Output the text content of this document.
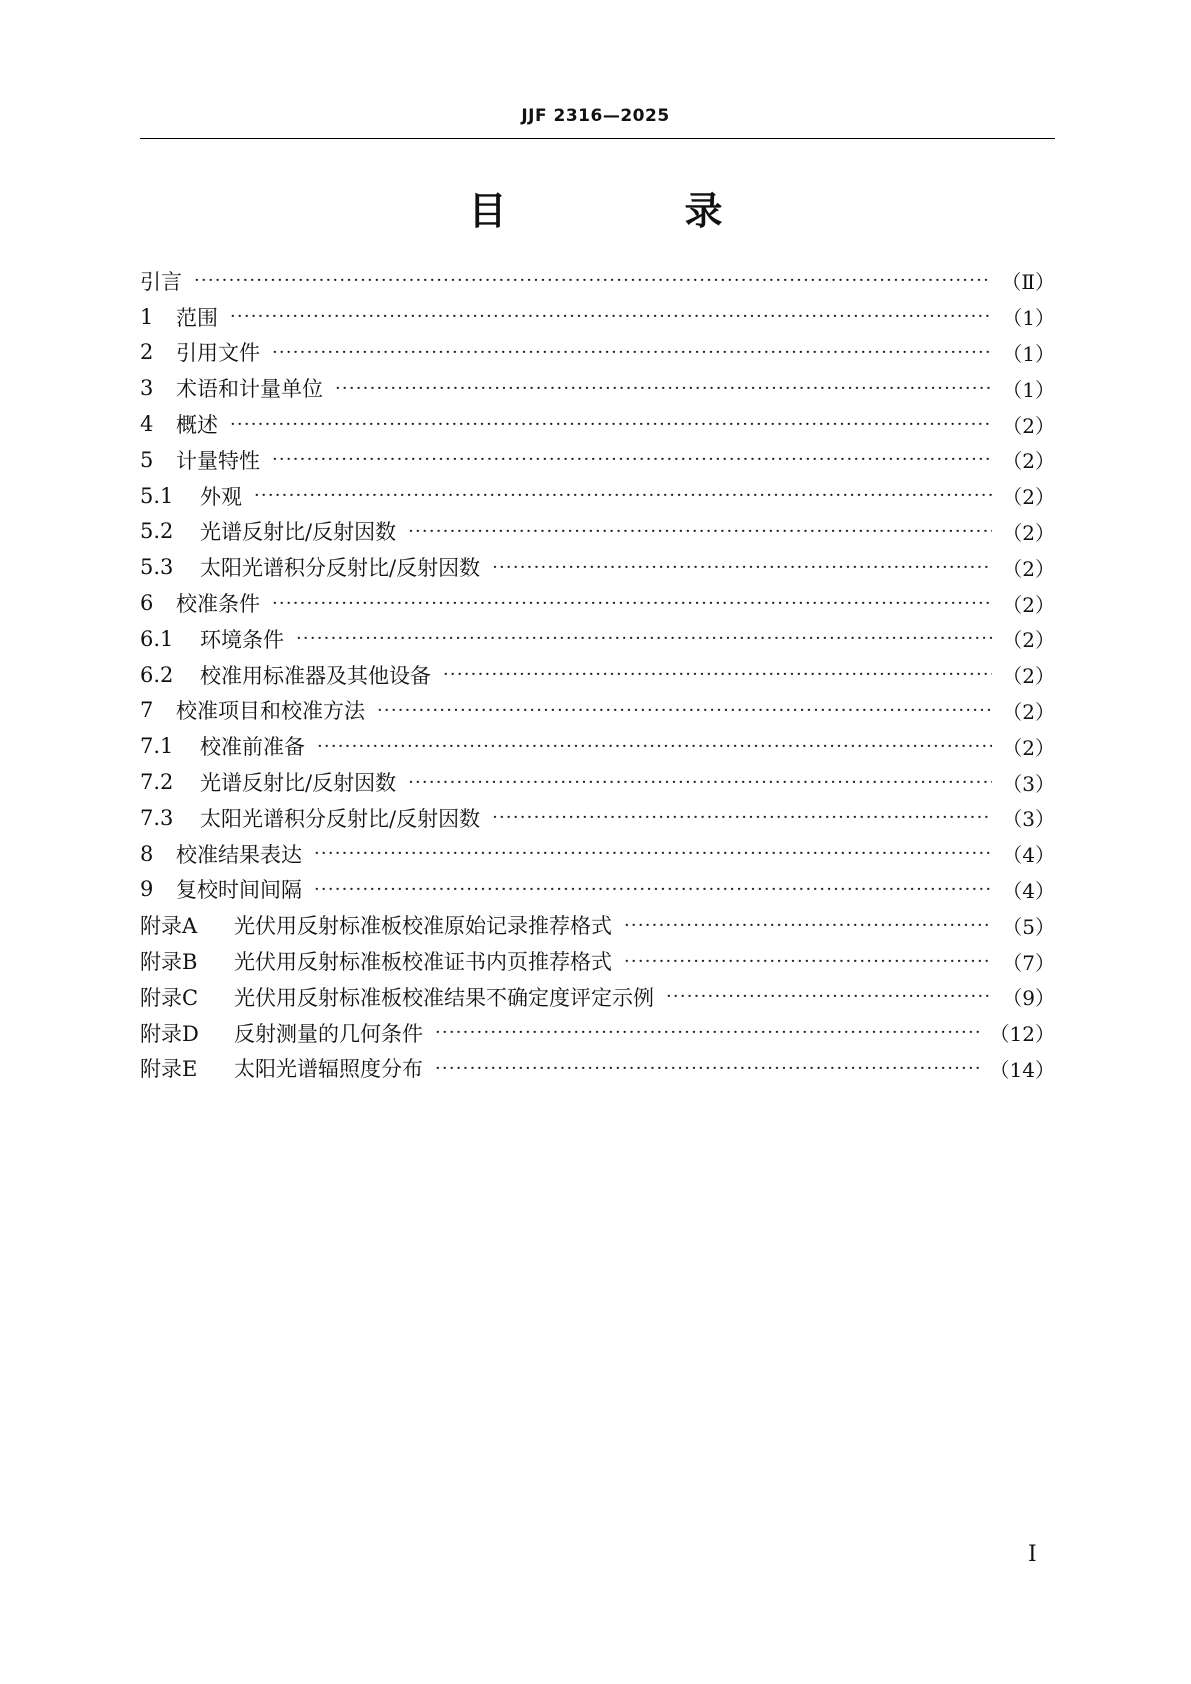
JJF 2316—2025
目　录
引言 ·····	（Ⅱ）
1	范围 ·····	（1）
2	引用文件 ·····	（1）
3	术语和计量单位 ·····	（1）
4	概述 ·····	（2）
5	计量特性 ·····	（2）
5.1	外观 ·····	（2）
5.2	光谱反射比/反射因数 ·····	（2）
5.3	太阳光谱积分反射比/反射因数 ·····	（2）
6	校准条件 ·····	（2）
6.1	环境条件 ·····	（2）
6.2	校准用标准器及其他设备 ·····	（2）
7	校准项目和校准方法 ·····	（2）
7.1	校准前准备 ·····	（2）
7.2	光谱反射比/反射因数 ·····	（3）
7.3	太阳光谱积分反射比/反射因数 ·····	（3）
8	校准结果表达 ·····	（4）
9	复校时间间隔 ·····	（4）
附录A	光伏用反射标准板校准原始记录推荐格式 ·····	（5）
附录B	光伏用反射标准板校准证书内页推荐格式 ·····	（7）
附录C	光伏用反射标准板校准结果不确定度评定示例 ·····	（9）
附录D	反射测量的几何条件 ·····	（12）
附录E	太阳光谱辐照度分布 ·····	（14）
Ⅰ
